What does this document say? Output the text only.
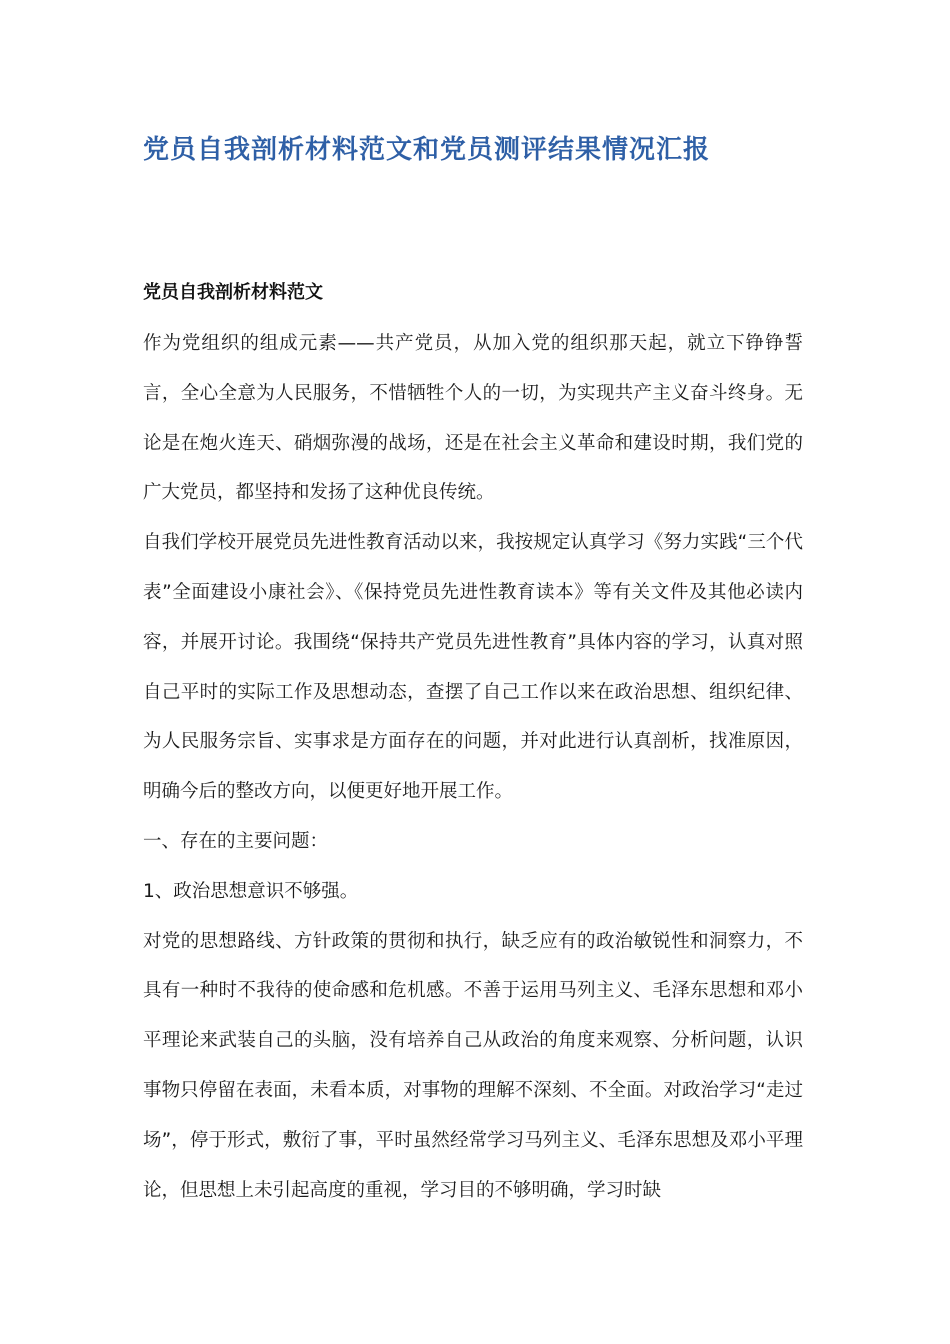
党员自我剖析材料范文和党员测评结果情况汇报
党员自我剖析材料范文

作为党组织的组成元素——共产党员，从加入党的组织那天起，就立下铮铮誓言，全心全意为人民服务，不惜牺牲个人的一切，为实现共产主义奋斗终身。无论是在炮火连天、硝烟弥漫的战场，还是在社会主义革命和建设时期，我们党的广大党员，都坚持和发扬了这种优良传统。

自我们学校开展党员先进性教育活动以来，我按规定认真学习《努力实践“三个代表”全面建设小康社会》、《保持党员先进性教育读本》等有关文件及其他必读内容，并展开讨论。我围绕“保持共产党员先进性教育”具体内容的学习，认真对照自己平时的实际工作及思想动态，查摆了自己工作以来在政治思想、组织纪律、为人民服务宗旨、实事求是方面存在的问题，并对此进行认真剖析，找准原因，明确今后的整改方向，以便更好地开展工作。

一、存在的主要问题：

1、政治思想意识不够强。

对党的思想路线、方针政策的贯彻和执行，缺乏应有的政治敏锐性和洞察力，不具有一种时不我待的使命感和危机感。不善于运用马列主义、毛泽东思想和邓小平理论来武装自己的头脑，没有培养自己从政治的角度来观察、分析问题，认识事物只停留在表面，未看本质，对事物的理解不深刻、不全面。对政治学习“走过场”，停于形式，敷衍了事，平时虽然经常学习马列主义、毛泽东思想及邓小平理论，但思想上未引起高度的重视，学习目的不够明确，学习时缺
